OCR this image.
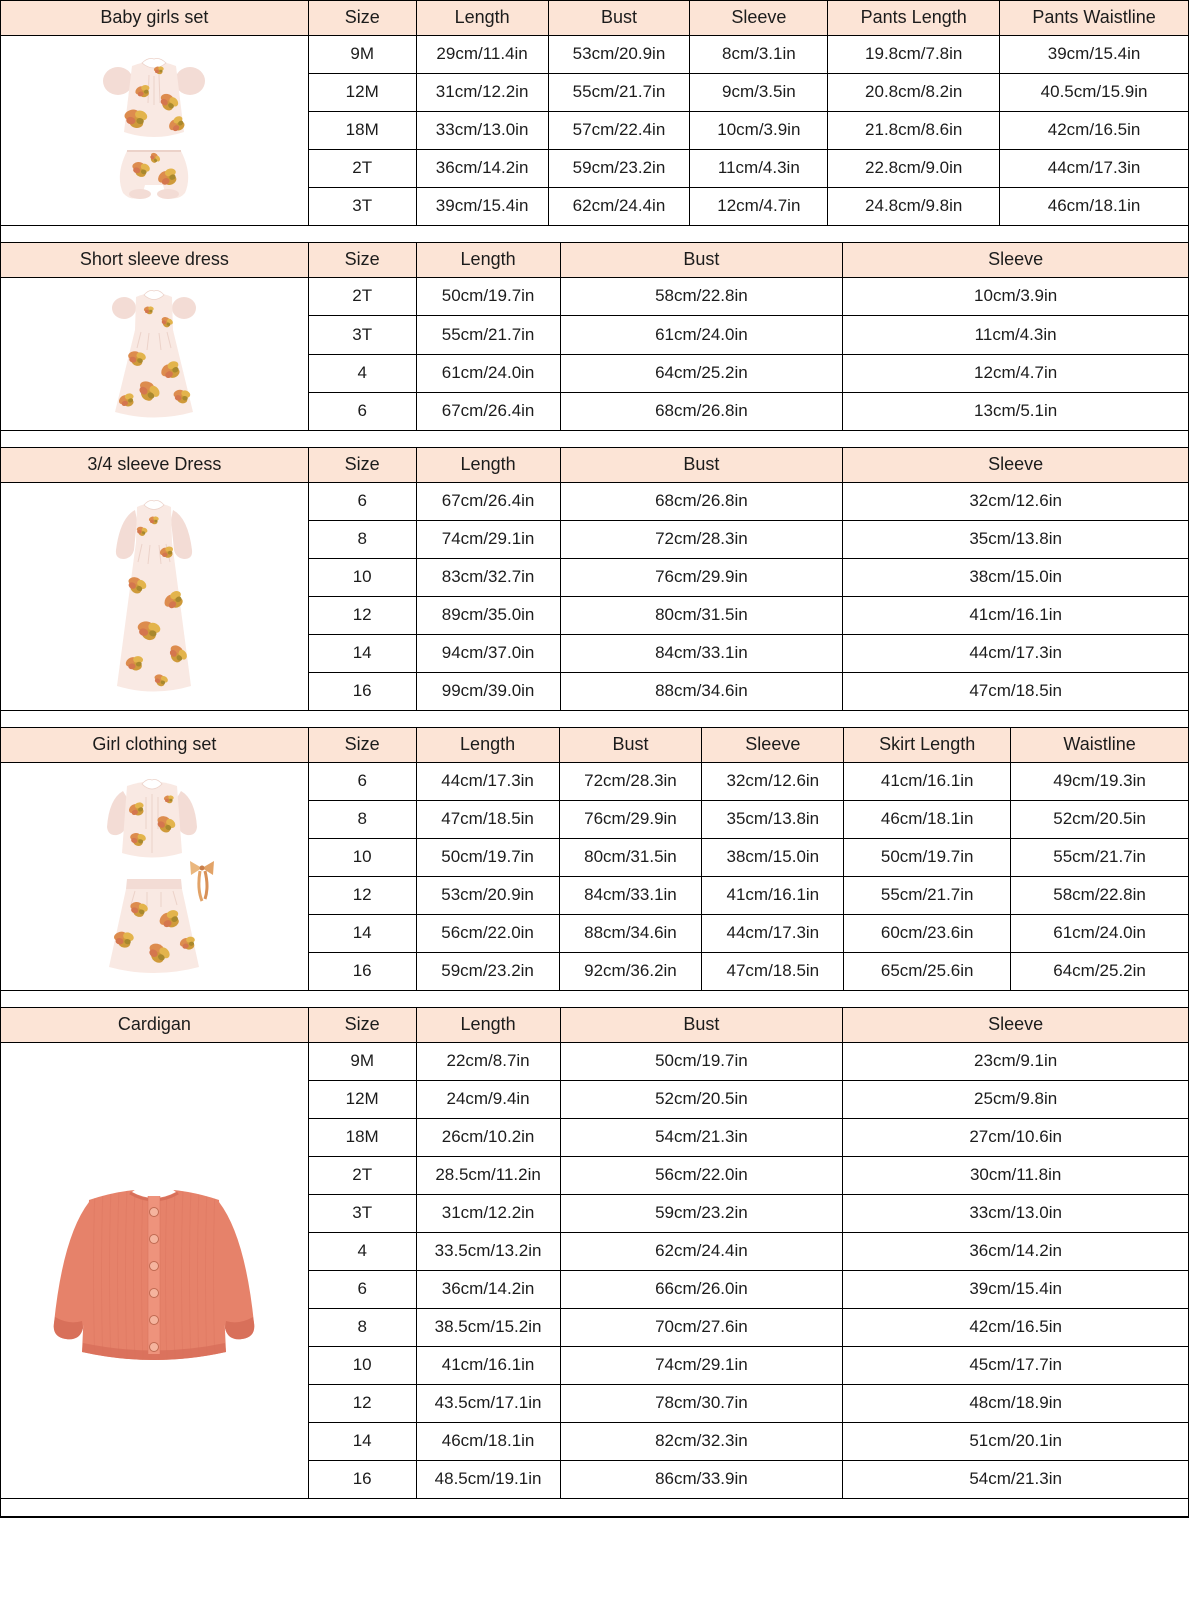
Baby girls set	Size	Length	Bust	Sleeve	Pants Length	Pants Waistline

	9M	29cm/11.4in	53cm/20.9in	8cm/3.1in	19.8cm/7.8in	39cm/15.4in
	12M	31cm/12.2in	55cm/21.7in	9cm/3.5in	20.8cm/8.2in	40.5cm/15.9in
	18M	33cm/13.0in	57cm/22.4in	10cm/3.9in	21.8cm/8.6in	42cm/16.5in
	2T	36cm/14.2in	59cm/23.2in	11cm/4.3in	22.8cm/9.0in	44cm/17.3in
	3T	39cm/15.4in	62cm/24.4in	12cm/4.7in	24.8cm/9.8in	46cm/18.1in
Short sleeve dress	Size	Length	Bust	Sleeve

	2T	50cm/19.7in	58cm/22.8in	10cm/3.9in
	3T	55cm/21.7in	61cm/24.0in	11cm/4.3in
	4	61cm/24.0in	64cm/25.2in	12cm/4.7in
	6	67cm/26.4in	68cm/26.8in	13cm/5.1in
3/4 sleeve Dress	Size	Length	Bust	Sleeve

	6	67cm/26.4in	68cm/26.8in	32cm/12.6in
	8	74cm/29.1in	72cm/28.3in	35cm/13.8in
	10	83cm/32.7in	76cm/29.9in	38cm/15.0in
	12	89cm/35.0in	80cm/31.5in	41cm/16.1in
	14	94cm/37.0in	84cm/33.1in	44cm/17.3in
	16	99cm/39.0in	88cm/34.6in	47cm/18.5in
Girl clothing set	Size	Length	Bust	Sleeve	Skirt Length	Waistline

	6	44cm/17.3in	72cm/28.3in	32cm/12.6in	41cm/16.1in	49cm/19.3in
	8	47cm/18.5in	76cm/29.9in	35cm/13.8in	46cm/18.1in	52cm/20.5in
	10	50cm/19.7in	80cm/31.5in	38cm/15.0in	50cm/19.7in	55cm/21.7in
	12	53cm/20.9in	84cm/33.1in	41cm/16.1in	55cm/21.7in	58cm/22.8in
	14	56cm/22.0in	88cm/34.6in	44cm/17.3in	60cm/23.6in	61cm/24.0in
	16	59cm/23.2in	92cm/36.2in	47cm/18.5in	65cm/25.6in	64cm/25.2in
Cardigan	Size	Length	Bust	Sleeve

	9M	22cm/8.7in	50cm/19.7in	23cm/9.1in
	12M	24cm/9.4in	52cm/20.5in	25cm/9.8in
	18M	26cm/10.2in	54cm/21.3in	27cm/10.6in
	2T	28.5cm/11.2in	56cm/22.0in	30cm/11.8in
	3T	31cm/12.2in	59cm/23.2in	33cm/13.0in
	4	33.5cm/13.2in	62cm/24.4in	36cm/14.2in
	6	36cm/14.2in	66cm/26.0in	39cm/15.4in
	8	38.5cm/15.2in	70cm/27.6in	42cm/16.5in
	10	41cm/16.1in	74cm/29.1in	45cm/17.7in
	12	43.5cm/17.1in	78cm/30.7in	48cm/18.9in
	14	46cm/18.1in	82cm/32.3in	51cm/20.1in
	16	48.5cm/19.1in	86cm/33.9in	54cm/21.3in
